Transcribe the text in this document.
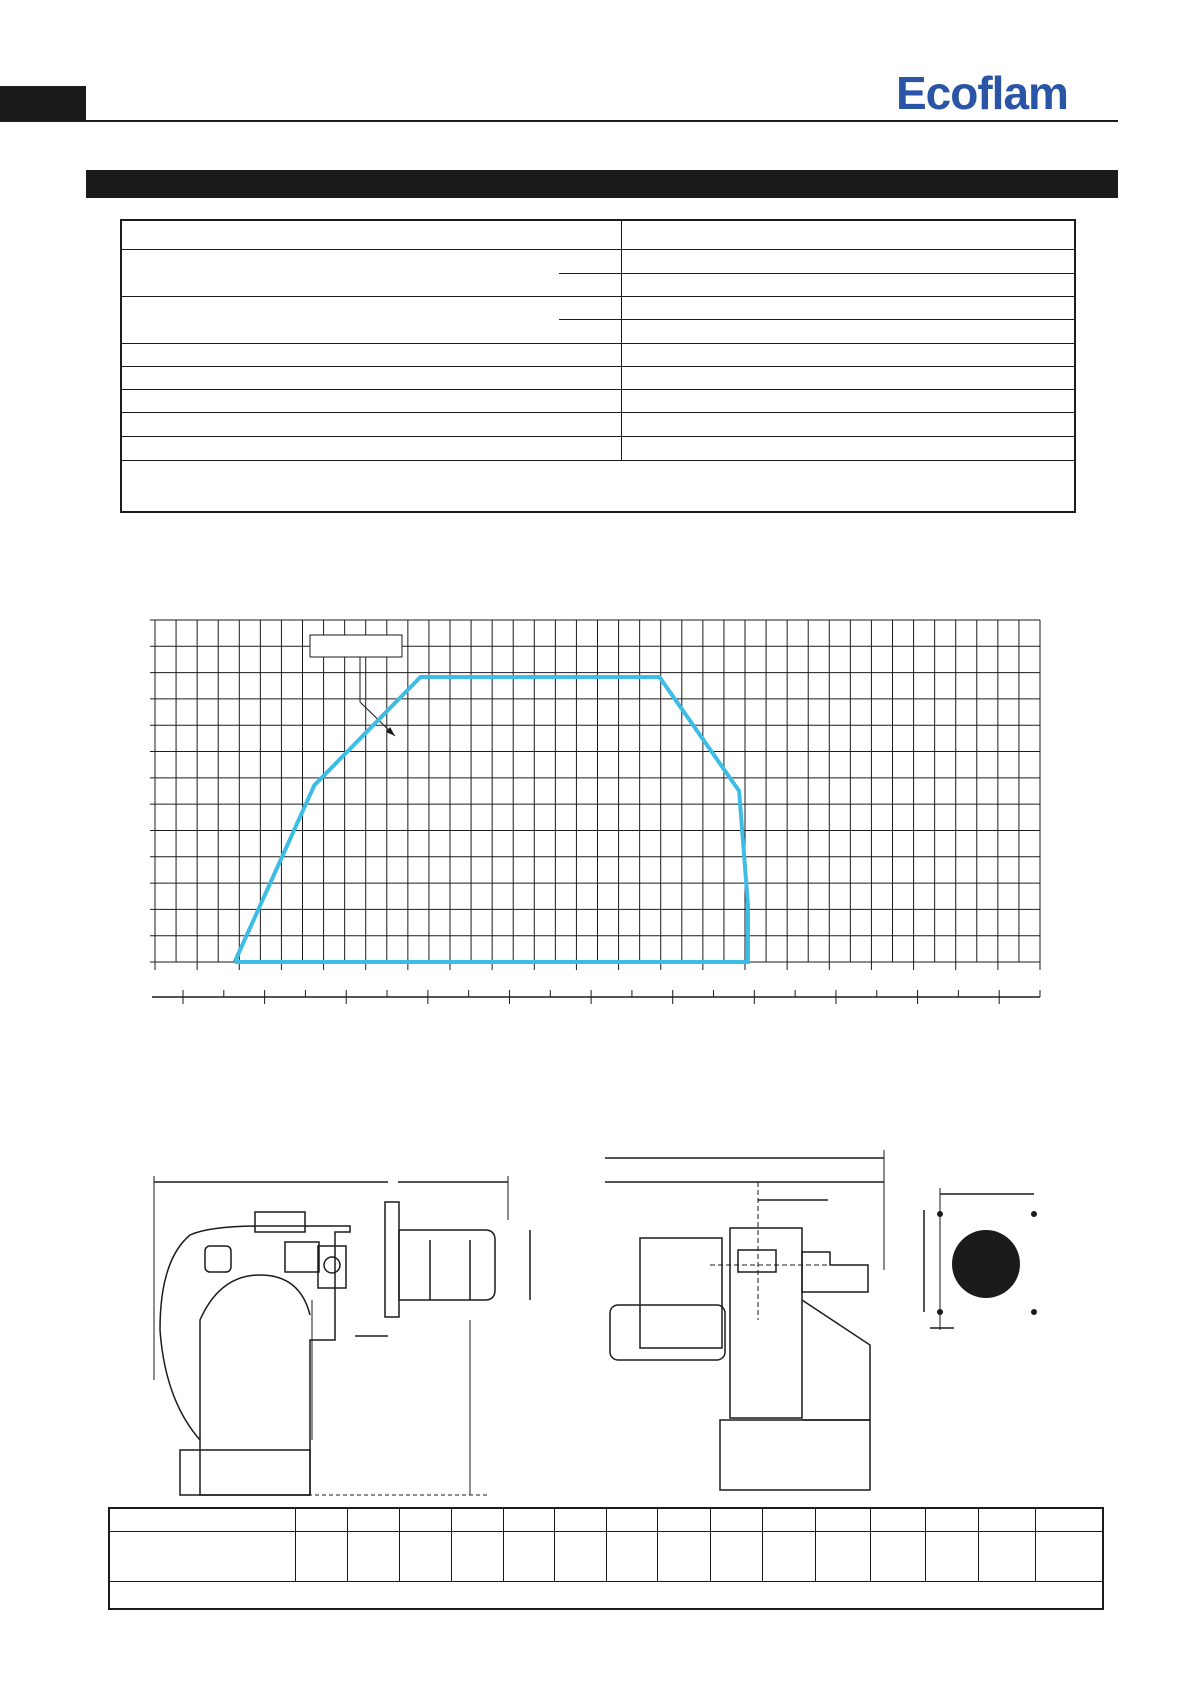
Ecoflam
